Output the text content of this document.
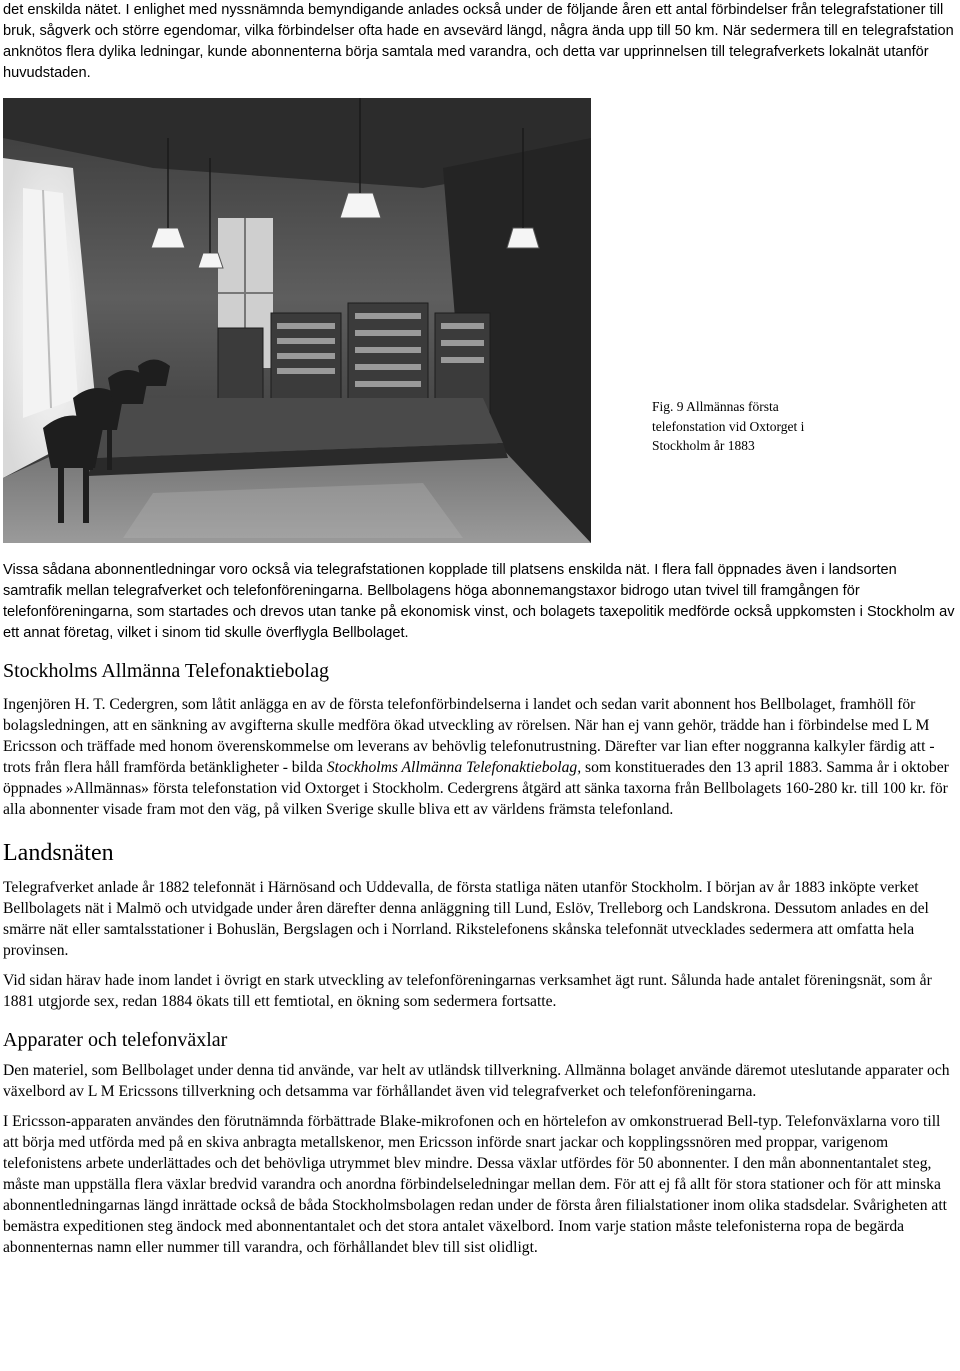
det enskilda nätet. I enlighet med nyssnämnda bemyndigande anlades också under de följande åren ett antal förbindelser från telegrafstationer till bruk, sågverk och större egendomar, vilka förbindelser ofta hade en avsevärd längd, några ända upp till 50 km. När sedermera till en telegrafstation anknötos flera dylika ledningar, kunde abonnenterna börja samtala med varandra, och detta var upprinnelsen till telegrafverkets lokalnät utanför huvudstaden.

Fig. 9 Allmännas första
telefonstation vid Oxtorget i
Stockholm år 1883

Vissa sådana abonnentledningar voro också via telegrafstationen kopplade till platsens enskilda nät. I flera fall öppnades även i landsorten samtrafik mellan telegrafverket och telefonföreningarna. Bellbolagens höga abonnemangstaxor bidrogo utan tvivel till framgången för telefonföreningarna, som startades och drevos utan tanke på ekonomisk vinst, och bolagets taxepolitik medförde också uppkomsten i Stockholm av ett annat företag, vilket i sinom tid skulle överflygla Bellbolaget.

Stockholms Allmänna Telefonaktiebolag

Ingenjören H. T. Cedergren, som låtit anlägga en av de första telefonförbindelserna i landet och sedan varit abonnent hos Bellbolaget, framhöll för bolagsledningen, att en sänkning av avgifterna skulle medföra ökad utveckling av rörelsen. När han ej vann gehör, trädde han i förbindelse med L M Ericsson och träffade med honom överenskommelse om leverans av behövlig telefonutrustning. Därefter var lian efter noggranna kalkyler färdig att - trots från flera håll framförda betänkligheter - bilda Stockholms Allmänna Telefonaktiebolag, som konstituerades den 13 april 1883. Samma år i oktober öppnades »Allmännas» första telefonstation vid Oxtorget i Stockholm. Cedergrens åtgärd att sänka taxorna från Bellbolagets 160-280 kr. till 100 kr. för alla abonnenter visade fram mot den väg, på vilken Sverige skulle bliva ett av världens främsta telefonland.

Landsnäten

Telegrafverket anlade år 1882 telefonnät i Härnösand och Uddevalla, de första statliga näten utanför Stockholm. I början av år 1883 inköpte verket Bellbolagets nät i Malmö och utvidgade under åren därefter denna anläggning till Lund, Eslöv, Trelleborg och Landskrona. Dessutom anlades en del smärre nät eller samtalsstationer i Bohuslän, Bergslagen och i Norrland. Rikstelefonens skånska telefonnät utvecklades sedermera att omfatta hela provinsen.

Vid sidan härav hade inom landet i övrigt en stark utveckling av telefonföreningarnas verksamhet ägt runt. Sålunda hade antalet föreningsnät, som år 1881 utgjorde sex, redan 1884 ökats till ett femtiotal, en ökning som sedermera fortsatte.

Apparater och telefonväxlar

Den materiel, som Bellbolaget under denna tid använde, var helt av utländsk tillverkning. Allmänna bolaget använde däremot uteslutande apparater och växelbord av L M Ericssons tillverkning och detsamma var förhållandet även vid telegrafverket och telefonföreningarna.

I Ericsson-apparaten användes den förutnämnda förbättrade Blake-mikrofonen och en hörtelefon av omkonstruerad Bell-typ. Telefonväxlarna voro till att börja med utförda med på en skiva anbragta metallskenor, men Ericsson införde snart jackar och kopplingssnören med proppar, varigenom telefonistens arbete underlättades och det behövliga utrymmet blev mindre. Dessa växlar utfördes för 50 abonnenter. I den mån abonnentantalet steg, måste man uppställa flera växlar bredvid varandra och anordna förbindelseledningar mellan dem. För att ej få allt för stora stationer och för att minska abonnentledningarnas längd inrättade också de båda Stockholmsbolagen redan under de första åren filialstationer inom olika stadsdelar. Svårigheten att bemästra expeditionen steg ändock med abonnentantalet och det stora antalet växelbord. Inom varje station måste telefonisterna ropa de begärda abonnenternas namn eller nummer till varandra, och förhållandet blev till sist olidligt.
